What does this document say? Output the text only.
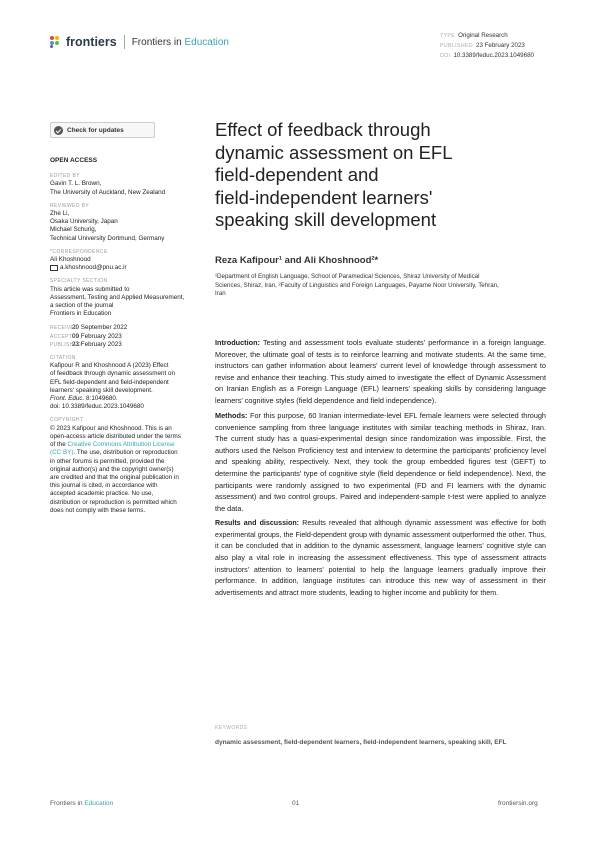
frontiers Frontiers in Education
TYPE Original Research
PUBLISHED 23 February 2023
DOI 10.3389/feduc.2023.1049680
Check for updates
OPEN ACCESS
EDITED BY
Gavin T. L. Brown,
The University of Auckland, New Zealand
REVIEWED BY
Zhe Li,
Osaka University, Japan
Michael Schurig,
Technical University Dortmund, Germany
*CORRESPONDENCE
Ali Khoshnood
a.khoshnood@pnu.ac.ir
SPECIALTY SECTION
This article was submitted to
Assessment, Testing and Applied Measurement,
a section of the journal
Frontiers in Education
RECEIVED
20 September 2022
ACCEPTED
09 February 2023
PUBLISHED
23 February 2023
CITATION
Kafipour R and Khoshnood A (2023) Effect
of feedback through dynamic assessment on
EFL field-dependent and field-independent
learners' speaking skill development.
Front. Educ. 8:1049680.
doi: 10.3389/feduc.2023.1049680
COPYRIGHT
© 2023 Kafipour and Khoshnood. This is an
open-access article distributed under the terms
of the Creative Commons Attribution License
(CC BY). The use, distribution or reproduction
in other forums is permitted, provided the
original author(s) and the copyright owner(s)
are credited and that the original publication in
this journal is cited, in accordance with
accepted academic practice. No use,
distribution or reproduction is permitted which
does not comply with these terms.
Effect of feedback through
dynamic assessment on EFL
field-dependent and
field-independent learners'
speaking skill development
Reza Kafipour¹ and Ali Khoshnood²*
¹Department of English Language, School of Paramedical Sciences, Shiraz University of Medical
Sciences, Shiraz, Iran, ²Faculty of Linguistics and Foreign Languages, Payame Noor University, Tehran,
Iran

Introduction: Testing and assessment tools evaluate students' performance in a foreign language. Moreover, the ultimate goal of tests is to reinforce learning and motivate students. At the same time, instructors can gather information about learners' current level of knowledge through assessment to revise and enhance their teaching. This study aimed to investigate the effect of Dynamic Assessment on Iranian English as a Foreign Language (EFL) learners' speaking skills by considering language learners' cognitive styles (field dependence and field independence).

Methods: For this purpose, 60 Iranian intermediate-level EFL female learners were selected through convenience sampling from three language institutes with similar teaching methods in Shiraz, Iran. The current study has a quasi-experimental design since randomization was impossible. First, the authors used the Nelson Proficiency test and interview to determine the participants' proficiency level and speaking ability, respectively. Next, they took the group embedded figures test (GEFT) to determine the participants' type of cognitive style (field dependence or field independence). Next, the participants were randomly assigned to two experimental (FD and FI learners with the dynamic assessment) and two control groups. Paired and independent-sample t-test were applied to analyze the data.

Results and discussion: Results revealed that although dynamic assessment was effective for both experimental groups, the Field-dependent group with dynamic assessment outperformed the other. Thus, it can be concluded that in addition to the dynamic assessment, language learners' cognitive style can also play a vital role in increasing the assessment effectiveness. This type of assessment attracts instructors' attention to learners' potential to help the language learners gradually improve their performance. In addition, language institutes can introduce this new way of assessment in their advertisements and attract more students, leading to higher income and publicity for them.

KEYWORDS
dynamic assessment, field-dependent learners, field-independent learners, speaking skill, EFL
Frontiers in Education	01	frontiersin.org
